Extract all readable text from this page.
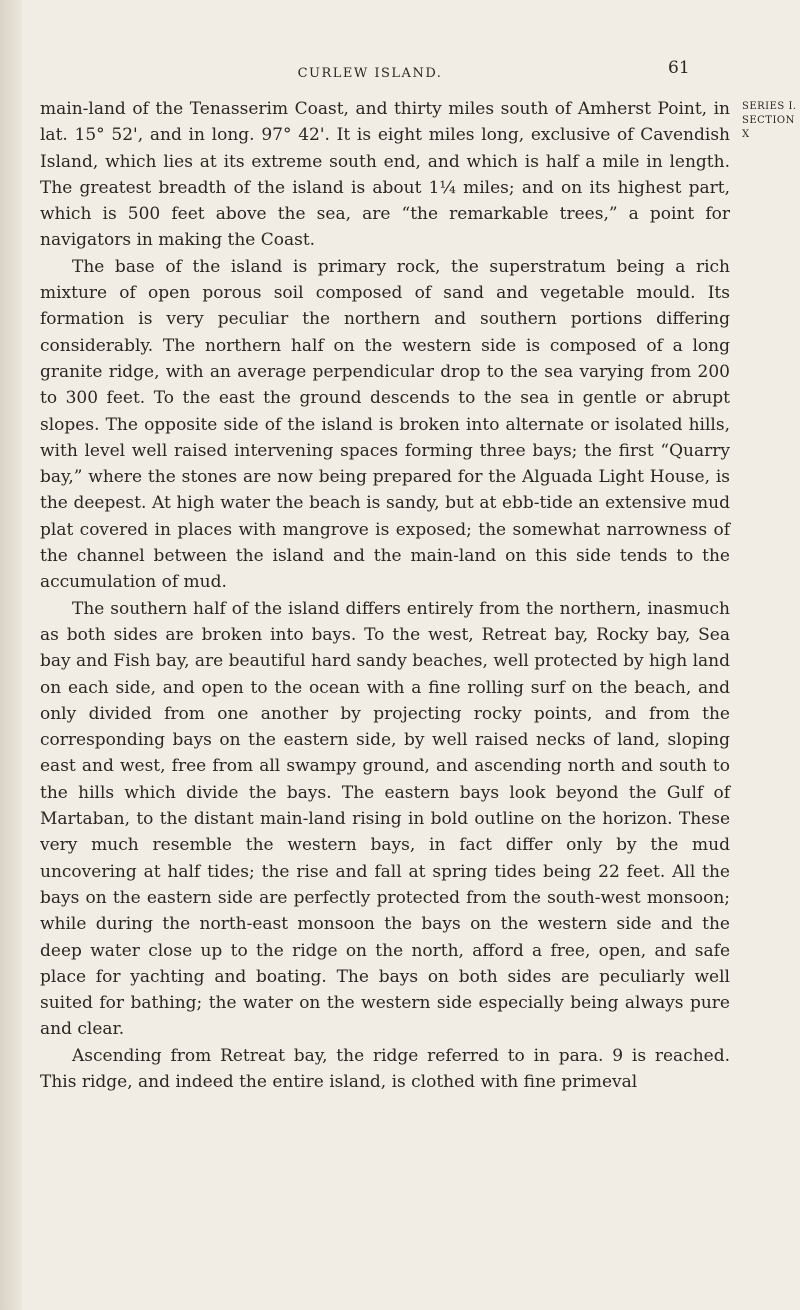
CURLEW ISLAND.	61
SERIES I.
SECTION X

main-land of the Tenasserim Coast, and thirty miles south of Amherst Point, in lat. 15° 52', and in long. 97° 42'. It is eight miles long, exclusive of Cavendish Island, which lies at its extreme south end, and which is half a mile in length. The greatest breadth of the island is about 1¼ miles; and on its highest part, which is 500 feet above the sea, are “the remarkable trees,” a point for navigators in making the Coast.

The base of the island is primary rock, the superstratum being a rich mixture of open porous soil composed of sand and vegetable mould. Its formation is very peculiar the northern and southern portions differing considerably. The northern half on the western side is composed of a long granite ridge, with an average perpendicular drop to the sea varying from 200 to 300 feet. To the east the ground descends to the sea in gentle or abrupt slopes. The opposite side of the island is broken into alternate or isolated hills, with level well raised intervening spaces forming three bays; the first “Quarry bay,” where the stones are now being prepared for the Alguada Light House, is the deepest. At high water the beach is sandy, but at ebb-tide an extensive mud plat covered in places with mangrove is exposed; the somewhat narrowness of the channel between the island and the main-land on this side tends to the accumulation of mud.

The southern half of the island differs entirely from the northern, inasmuch as both sides are broken into bays. To the west, Retreat bay, Rocky bay, Sea bay and Fish bay, are beautiful hard sandy beaches, well protected by high land on each side, and open to the ocean with a fine rolling surf on the beach, and only divided from one another by projecting rocky points, and from the corresponding bays on the eastern side, by well raised necks of land, sloping east and west, free from all swampy ground, and ascending north and south to the hills which divide the bays. The eastern bays look beyond the Gulf of Martaban, to the distant main-land rising in bold outline on the horizon. These very much resemble the western bays, in fact differ only by the mud uncovering at half tides; the rise and fall at spring tides being 22 feet. All the bays on the eastern side are perfectly protected from the south-west monsoon; while during the north-east monsoon the bays on the western side and the deep water close up to the ridge on the north, afford a free, open, and safe place for yachting and boating. The bays on both sides are peculiarly well suited for bathing; the water on the western side especially being always pure and clear.

Ascending from Retreat bay, the ridge referred to in para. 9 is reached. This ridge, and indeed the entire island, is clothed with fine primeval
